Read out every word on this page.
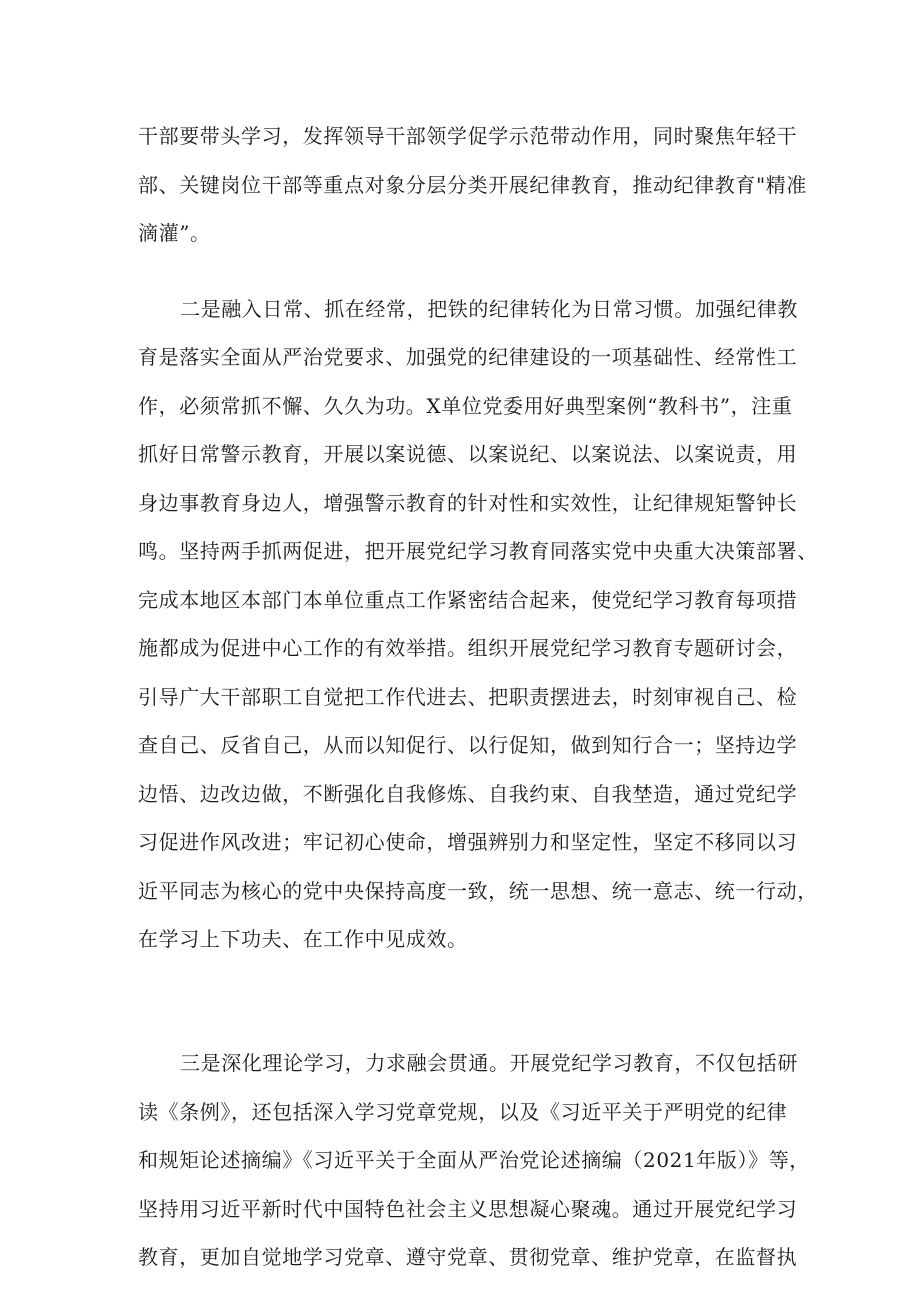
干部要带头学习，发挥领导干部领学促学示范带动作用，同时聚焦年轻干
部、关键岗位干部等重点对象分层分类开展纪律教育，推动纪律教育"精准
滴灌”。
二是融入日常、抓在经常，把铁的纪律转化为日常习惯。加强纪律教
育是落实全面从严治党要求、加强党的纪律建设的一项基础性、经常性工
作，必须常抓不懈、久久为功。X单位党委用好典型案例“教科书”，注重
抓好日常警示教育，开展以案说德、以案说纪、以案说法、以案说责，用
身边事教育身边人，增强警示教育的针对性和实效性，让纪律规矩警钟长
鸣。坚持两手抓两促进，把开展党纪学习教育同落实党中央重大决策部署、
完成本地区本部门本单位重点工作紧密结合起来，使党纪学习教育每项措
施都成为促进中心工作的有效举措。组织开展党纪学习教育专题研讨会，
引导广大干部职工自觉把工作代进去、把职责摆进去，时刻审视自己、检
查自己、反省自己，从而以知促行、以行促知，做到知行合一；坚持边学
边悟、边改边做，不断强化自我修炼、自我约束、自我埜造，通过党纪学
习促进作风改进；牢记初心使命，增强辨别力和坚定性，坚定不移同以习
近平同志为核心的党中央保持高度一致，统一思想、统一意志、统一行动，
在学习上下功夫、在工作中见成效。
三是深化理论学习，力求融会贯通。开展党纪学习教育，不仅包括研
读《条例》，还包括深入学习党章党规，以及《习近平关于严明党的纪律
和规矩论述摘编》《习近平关于全面从严治党论述摘编（2021年版）》等，
坚持用习近平新时代中国特色社会主义思想凝心聚魂。通过开展党纪学习
教育，更加自觉地学习党章、遵守党章、贯彻党章、维护党章，在监督执
